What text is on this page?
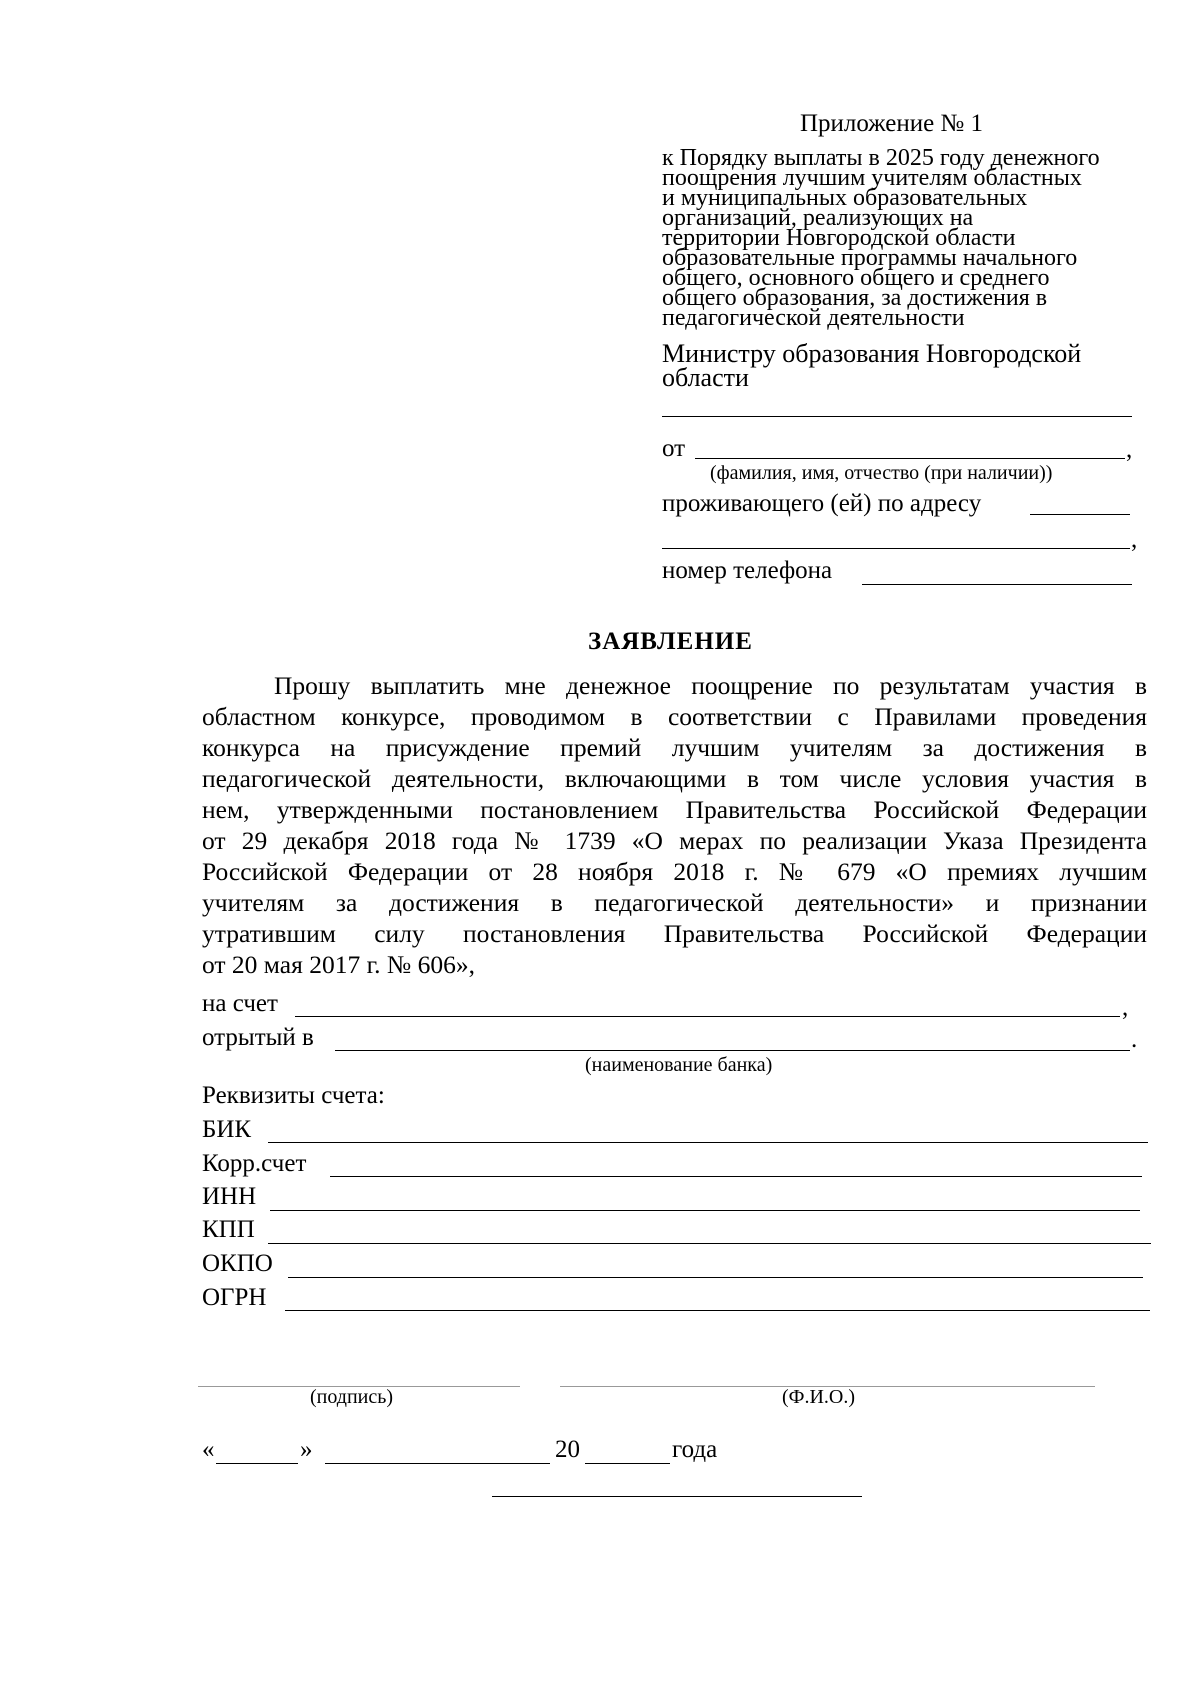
Приложение № 1
к Порядку выплаты в 2025 году денежного
поощрения лучшим учителям областных
и муниципальных образовательных
организаций, реализующих на
территории Новгородской области
образовательные программы начального
общего, основного общего и среднего
общего образования, за достижения в
педагогической деятельности
Министру образования Новгородской
области
от	,
(фамилия, имя, отчество (при наличии))
проживающего (ей) по адресу
,
номер телефона
ЗАЯВЛЕНИЕ
Прошу выплатить мне денежное поощрение по результатам участия в
областном конкурсе, проводимом в соответствии с Правилами проведения
конкурса на присуждение премий лучшим учителям за достижения в
педагогической деятельности, включающими в том числе условия участия в
нем, утвержденными постановлением Правительства Российской Федерации
от 29 декабря 2018 года № 1739 «О мерах по реализации Указа Президента
Российской Федерации от 28 ноября 2018 г. № 679 «О премиях лучшим
учителям за достижения в педагогической деятельности» и признании
утратившим силу постановления Правительства Российской Федерации
от 20 мая 2017 г. № 606»,
на счет	,
отрытый в	.
(наименование банка)
Реквизиты счета:
БИК
Корр.счет
ИНН
КПП
ОКПО
ОГРН
(подпись)	(Ф.И.О.)
«	»	20	года
